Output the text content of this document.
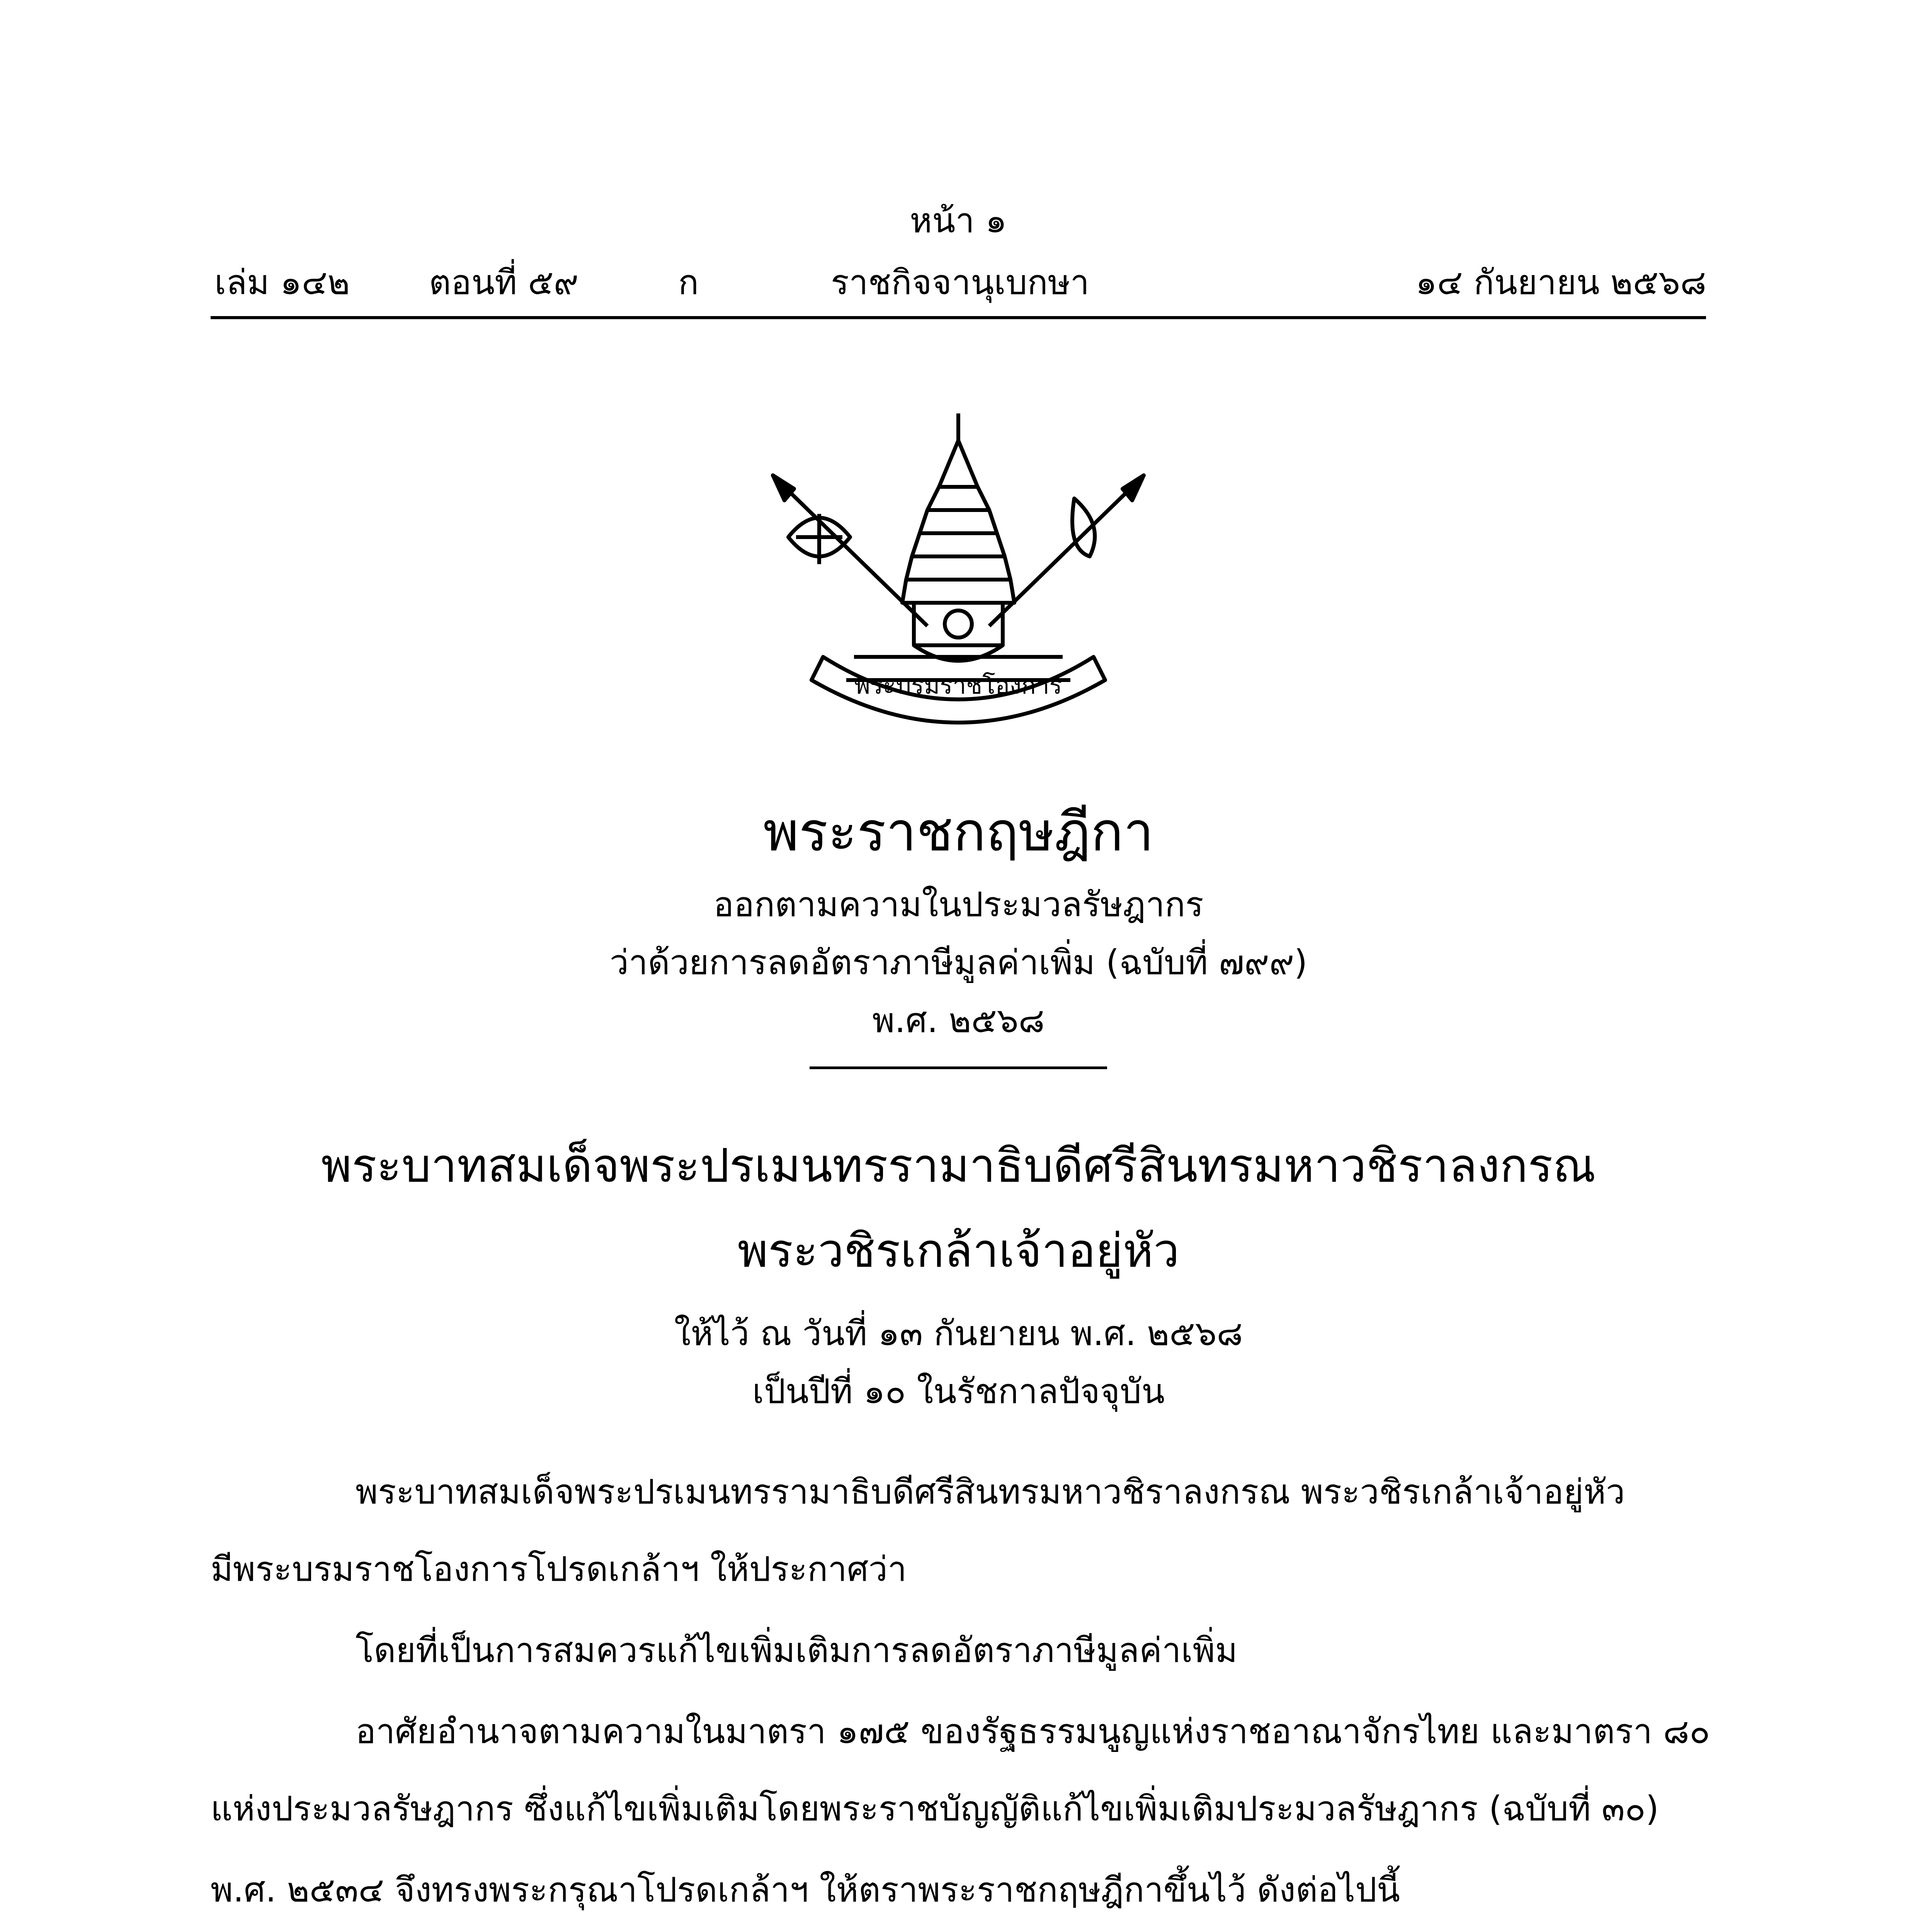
หน้า ๑
เล่ม ๑๔๒ ตอนที่ ๕๙	ก	ราชกิจจานุเบกษา	๑๔ กันยายน ๒๕๖๘
พระบรมราชโองการ
พระราชกฤษฎีกา
ออกตามความในประมวลรัษฎากร
ว่าด้วยการลดอัตราภาษีมูลค่าเพิ่ม (ฉบับที่ ๗๙๙)
พ.ศ. ๒๕๖๘
พระบาทสมเด็จพระปรเมนทรรามาธิบดีศรีสินทรมหาวชิราลงกรณ
พระวชิรเกล้าเจ้าอยู่หัว
ให้ไว้ ณ วันที่ ๑๓ กันยายน พ.ศ. ๒๕๖๘
เป็นปีที่ ๑๐ ในรัชกาลปัจจุบัน
พระบาทสมเด็จพระปรเมนทรรามาธิบดีศรีสินทรมหาวชิราลงกรณ พระวชิรเกล้าเจ้าอยู่หัว
มีพระบรมราชโองการโปรดเกล้าฯ ให้ประกาศว่า
โดยที่เป็นการสมควรแก้ไขเพิ่มเติมการลดอัตราภาษีมูลค่าเพิ่ม
อาศัยอำนาจตามความในมาตรา ๑๗๕ ของรัฐธรรมนูญแห่งราชอาณาจักรไทย และมาตรา ๘๐
แห่งประมวลรัษฎากร ซึ่งแก้ไขเพิ่มเติมโดยพระราชบัญญัติแก้ไขเพิ่มเติมประมวลรัษฎากร (ฉบับที่ ๓๐)
พ.ศ. ๒๕๓๔ จึงทรงพระกรุณาโปรดเกล้าฯ ให้ตราพระราชกฤษฎีกาขึ้นไว้ ดังต่อไปนี้
